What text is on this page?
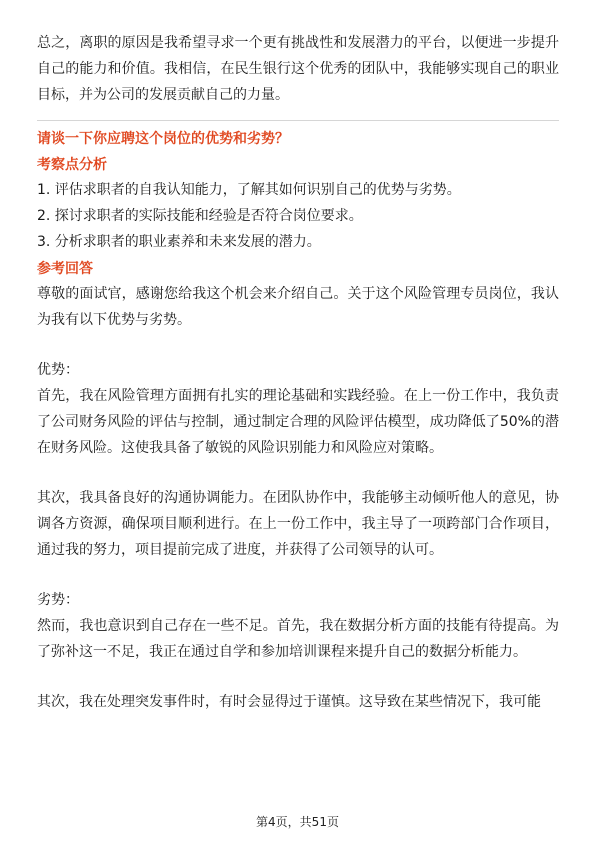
总之，离职的原因是我希望寻求一个更有挑战性和发展潜力的平台，以便进一步提升自己的能力和价值。我相信，在民生银行这个优秀的团队中，我能够实现自己的职业目标，并为公司的发展贡献自己的力量。

请谈一下你应聘这个岗位的优势和劣势？

考察点分析

1. 评估求职者的自我认知能力，了解其如何识别自己的优势与劣势。

2. 探讨求职者的实际技能和经验是否符合岗位要求。

3. 分析求职者的职业素养和未来发展的潜力。

参考回答

尊敬的面试官，感谢您给我这个机会来介绍自己。关于这个风险管理专员岗位，我认为我有以下优势与劣势。

优势：

首先，我在风险管理方面拥有扎实的理论基础和实践经验。在上一份工作中，我负责了公司财务风险的评估与控制，通过制定合理的风险评估模型，成功降低了50%的潜在财务风险。这使我具备了敏锐的风险识别能力和风险应对策略。

其次，我具备良好的沟通协调能力。在团队协作中，我能够主动倾听他人的意见，协调各方资源，确保项目顺利进行。在上一份工作中，我主导了一项跨部门合作项目，通过我的努力，项目提前完成了进度，并获得了公司领导的认可。

劣势：

然而，我也意识到自己存在一些不足。首先，我在数据分析方面的技能有待提高。为了弥补这一不足，我正在通过自学和参加培训课程来提升自己的数据分析能力。

其次，我在处理突发事件时，有时会显得过于谨慎。这导致在某些情况下，我可能

第4页，共51页
